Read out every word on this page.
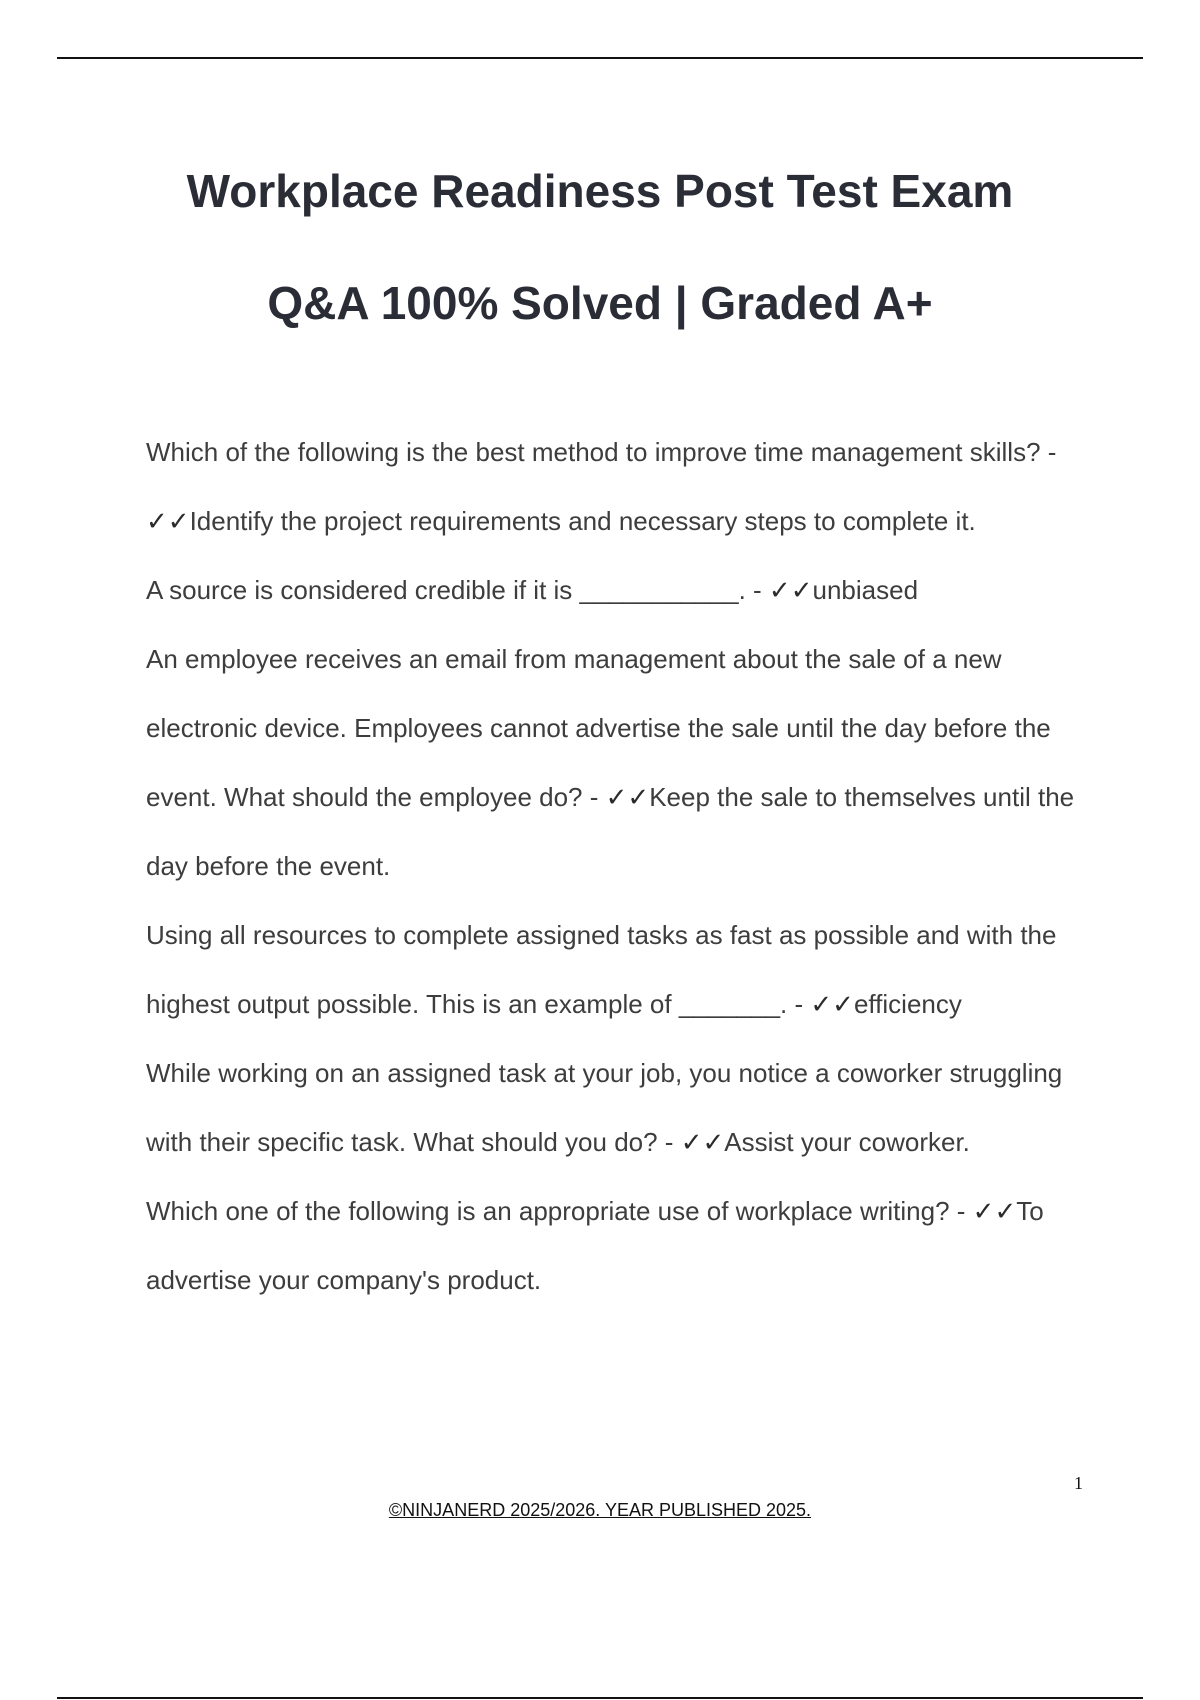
Workplace Readiness Post Test Exam
Q&A 100% Solved | Graded A+

Which of the following is the best method to improve time management skills? - ✓✓Identify the project requirements and necessary steps to complete it.

A source is considered credible if it is ___________. - ✓✓unbiased

An employee receives an email from management about the sale of a new electronic device. Employees cannot advertise the sale until the day before the event. What should the employee do? - ✓✓Keep the sale to themselves until the day before the event.

Using all resources to complete assigned tasks as fast as possible and with the highest output possible. This is an example of _______. - ✓✓efficiency

While working on an assigned task at your job, you notice a coworker struggling with their specific task. What should you do? - ✓✓Assist your coworker.

Which one of the following is an appropriate use of workplace writing? - ✓✓To advertise your company's product.

1
©NINJANERD 2025/2026. YEAR PUBLISHED 2025.
